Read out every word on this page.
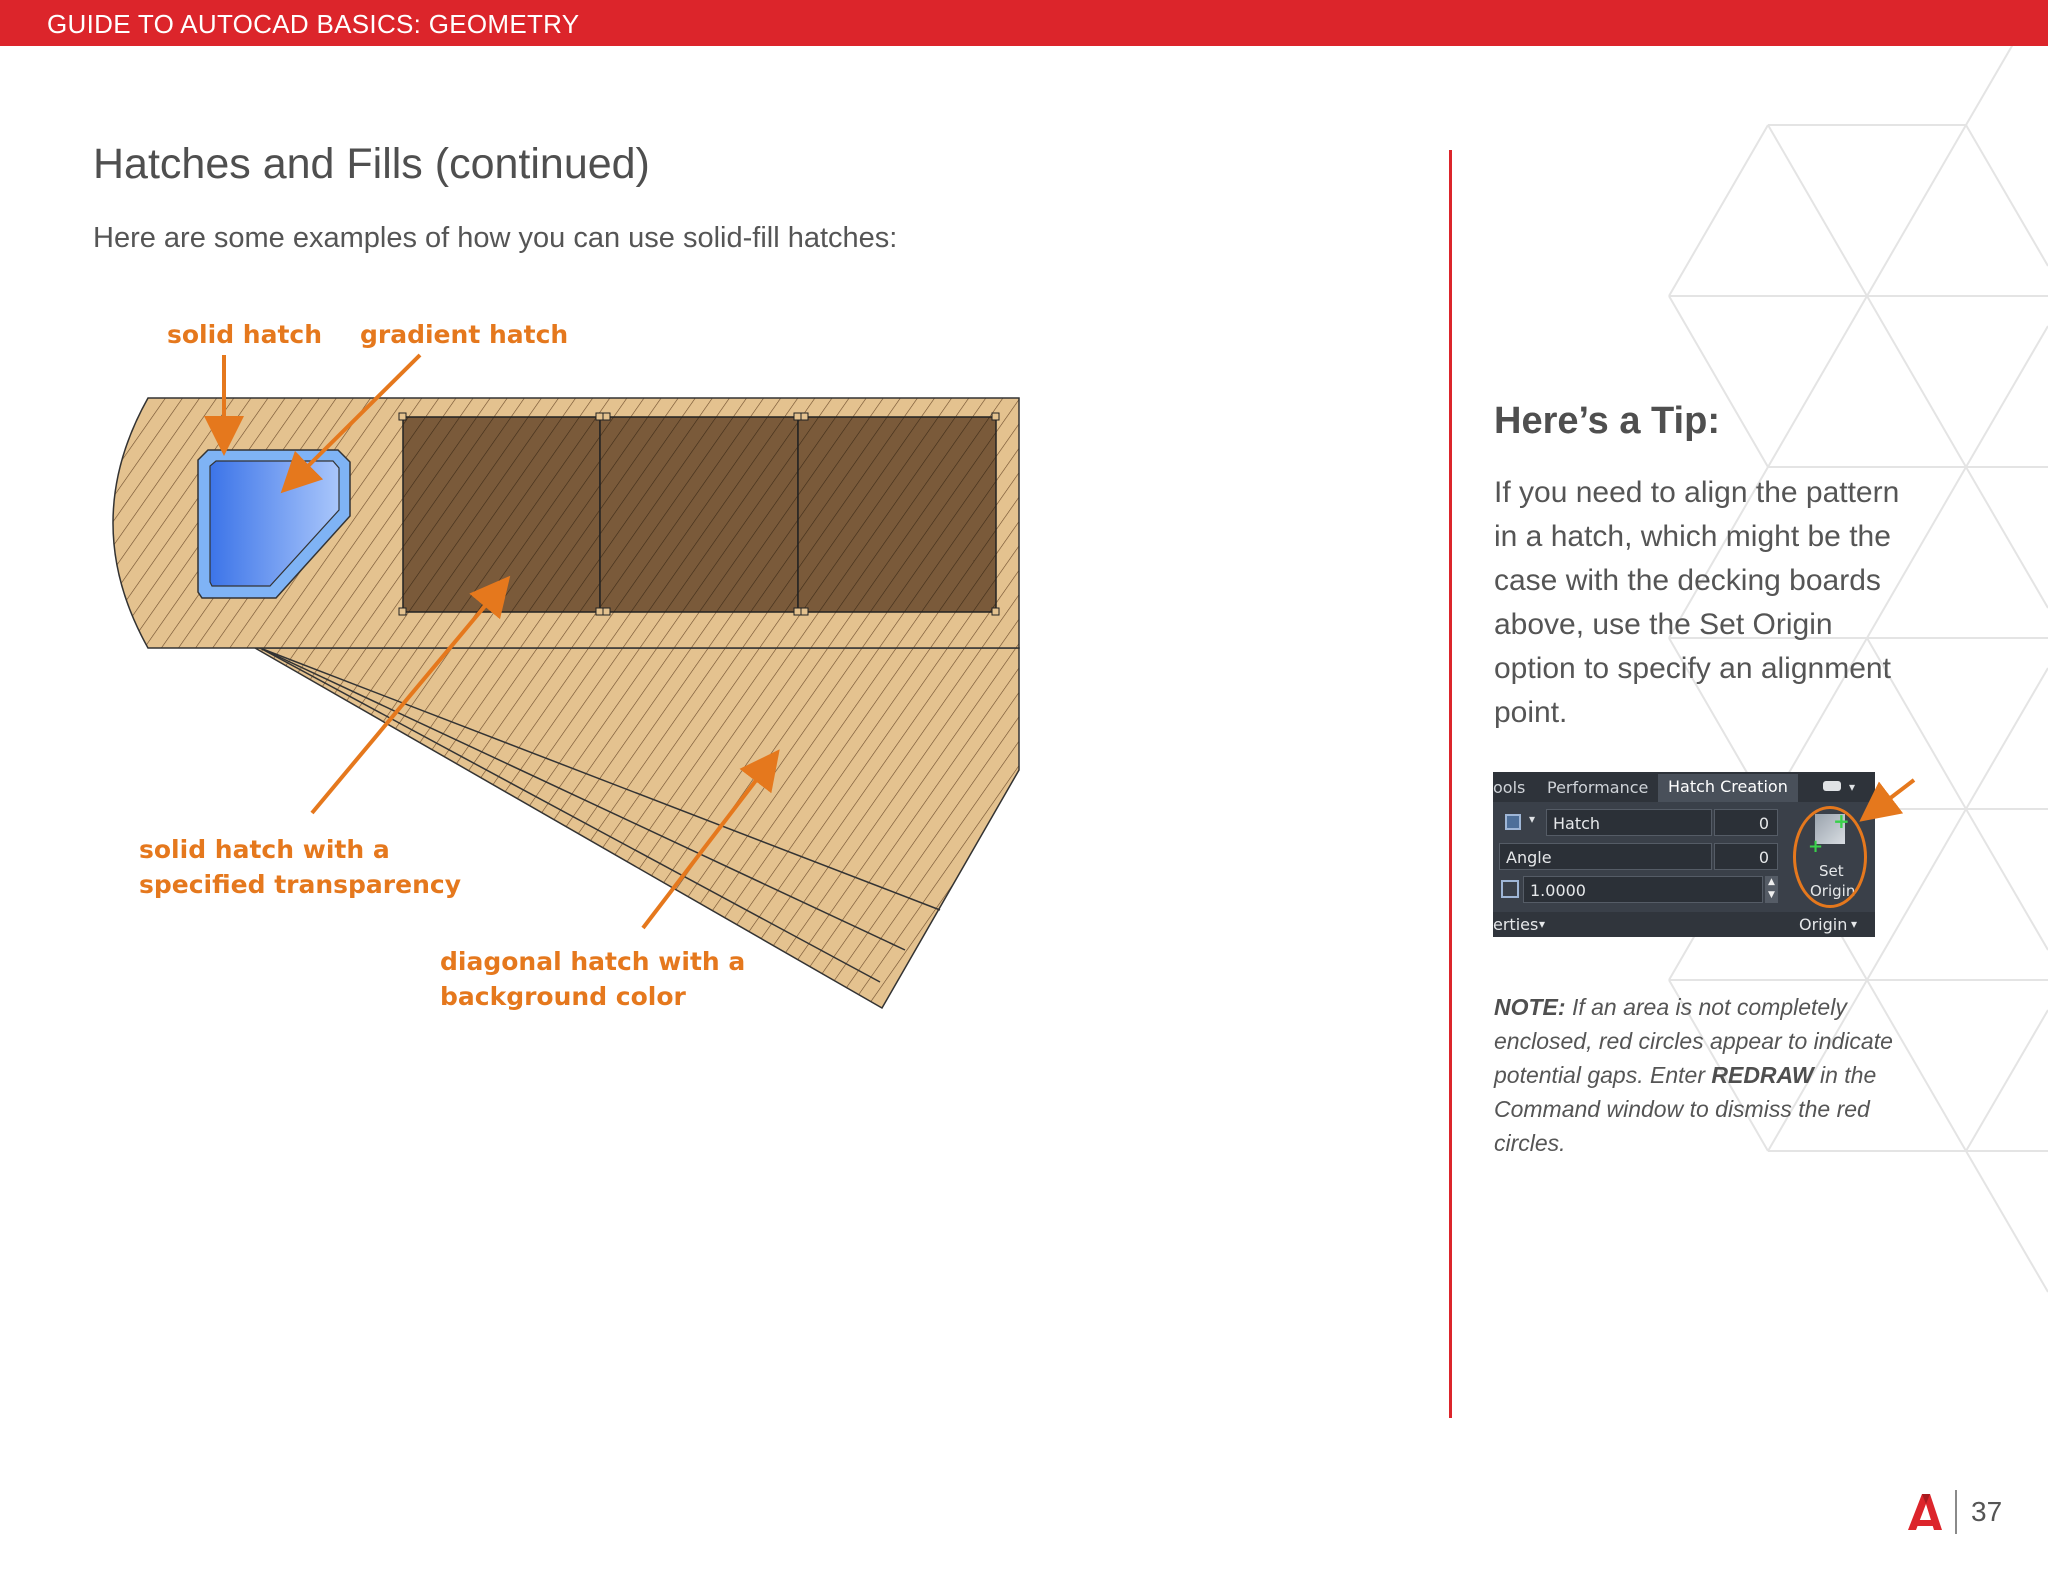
GUIDE TO AUTOCAD BASICS: GEOMETRY
Hatches and Fills (continued)
Here are some examples of how you can use solid-fill hatches:
solid hatch gradient hatch
solid hatch with a
specified transparency
diagonal hatch with a
background color
Here’s a Tip:
If you need to align the pattern in a hatch, which might be the case with the decking boards above, use the Set Origin option to specify an alignment point.
ools Performance	Hatch Creation	▾
▾	Hatch	0
Angle	0
1.0000	▲
▼
+
+
Set
Origin
erties ▾	Origin ▾
NOTE: If an area is not completely enclosed, red circles appear to indicate potential gaps. Enter REDRAW in the Command window to dismiss the red circles.
37
